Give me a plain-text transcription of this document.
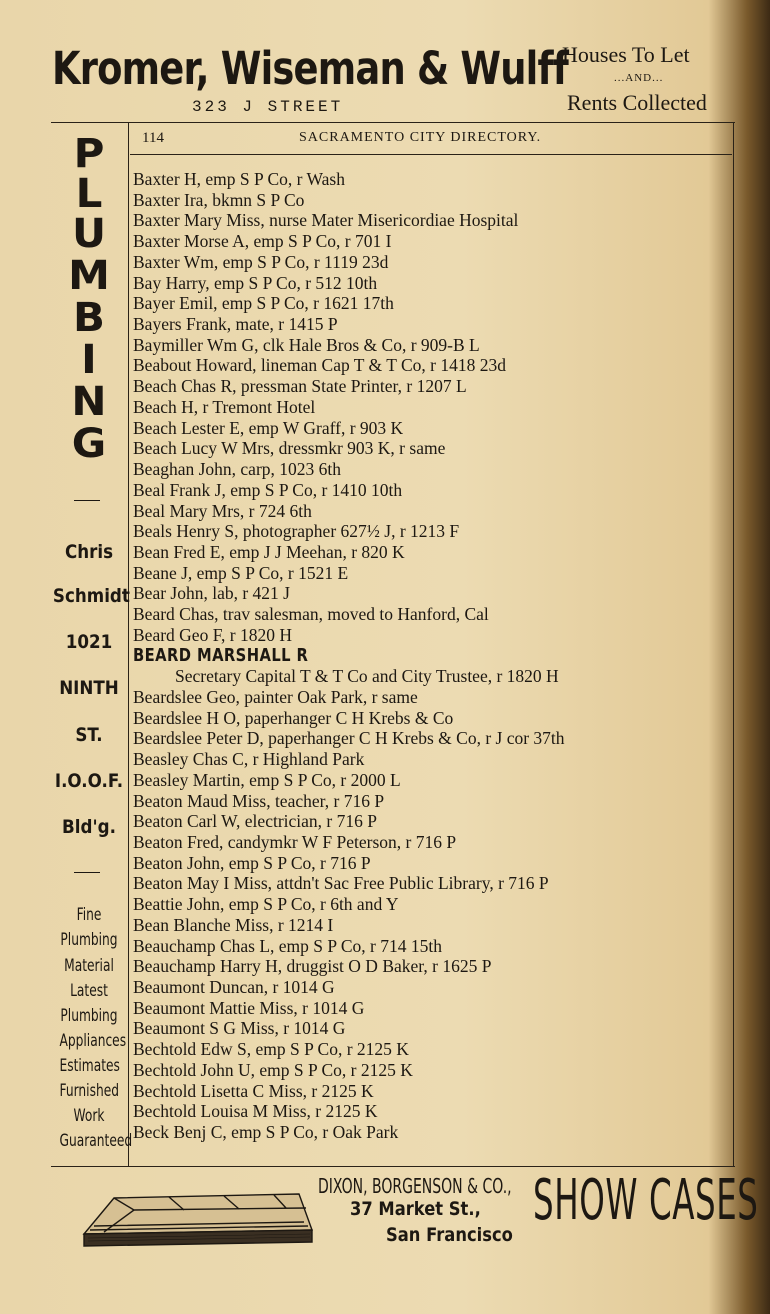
Kromer, Wiseman & Wulff
323 J STREET
Houses To Let
...AND...
Rents Collected
114	SACRAMENTO CITY DIRECTORY.
P
L
U
M
B
I
N
G
Chris
Schmidt
1021
NINTH
ST.
I.O.O.F.
Bld'g.
Fine
Plumbing
Material
Latest
Plumbing
Appliances
Estimates
Furnished
Work
Guaranteed
Baxter H, emp S P Co, r Wash
Baxter Ira, bkmn S P Co
Baxter Mary Miss, nurse Mater Misericordiae Hospital
Baxter Morse A, emp S P Co, r 701 I
Baxter Wm, emp S P Co, r 1119 23d
Bay Harry, emp S P Co, r 512 10th
Bayer Emil, emp S P Co, r 1621 17th
Bayers Frank, mate, r 1415 P
Baymiller Wm G, clk Hale Bros & Co, r 909-B L
Beabout Howard, lineman Cap T & T Co, r 1418 23d
Beach Chas R, pressman State Printer, r 1207 L
Beach H, r Tremont Hotel
Beach Lester E, emp W Graff, r 903 K
Beach Lucy W Mrs, dressmkr 903 K, r same
Beaghan John, carp, 1023 6th
Beal Frank J, emp S P Co, r 1410 10th
Beal Mary Mrs, r 724 6th
Beals Henry S, photographer 627½ J, r 1213 F
Bean Fred E, emp J J Meehan, r 820 K
Beane J, emp S P Co, r 1521 E
Bear John, lab, r 421 J
Beard Chas, trav salesman, moved to Hanford, Cal
Beard Geo F, r 1820 H
BEARD MARSHALL R
Secretary Capital T & T Co and City Trustee, r 1820 H
Beardslee Geo, painter Oak Park, r same
Beardslee H O, paperhanger C H Krebs & Co
Beardslee Peter D, paperhanger C H Krebs & Co, r J cor 37th
Beasley Chas C, r Highland Park
Beasley Martin, emp S P Co, r 2000 L
Beaton Maud Miss, teacher, r 716 P
Beaton Carl W, electrician, r 716 P
Beaton Fred, candymkr W F Peterson, r 716 P
Beaton John, emp S P Co, r 716 P
Beaton May I Miss, attdn't Sac Free Public Library, r 716 P
Beattie John, emp S P Co, r 6th and Y
Bean Blanche Miss, r 1214 I
Beauchamp Chas L, emp S P Co, r 714 15th
Beauchamp Harry H, druggist O D Baker, r 1625 P
Beaumont Duncan, r 1014 G
Beaumont Mattie Miss, r 1014 G
Beaumont S G Miss, r 1014 G
Bechtold Edw S, emp S P Co, r 2125 K
Bechtold John U, emp S P Co, r 2125 K
Bechtold Lisetta C Miss, r 2125 K
Bechtold Louisa M Miss, r 2125 K
Beck Benj C, emp S P Co, r Oak Park
DIXON, BORGENSON & CO.,
37 Market St.,
San Francisco
SHOW CASES
